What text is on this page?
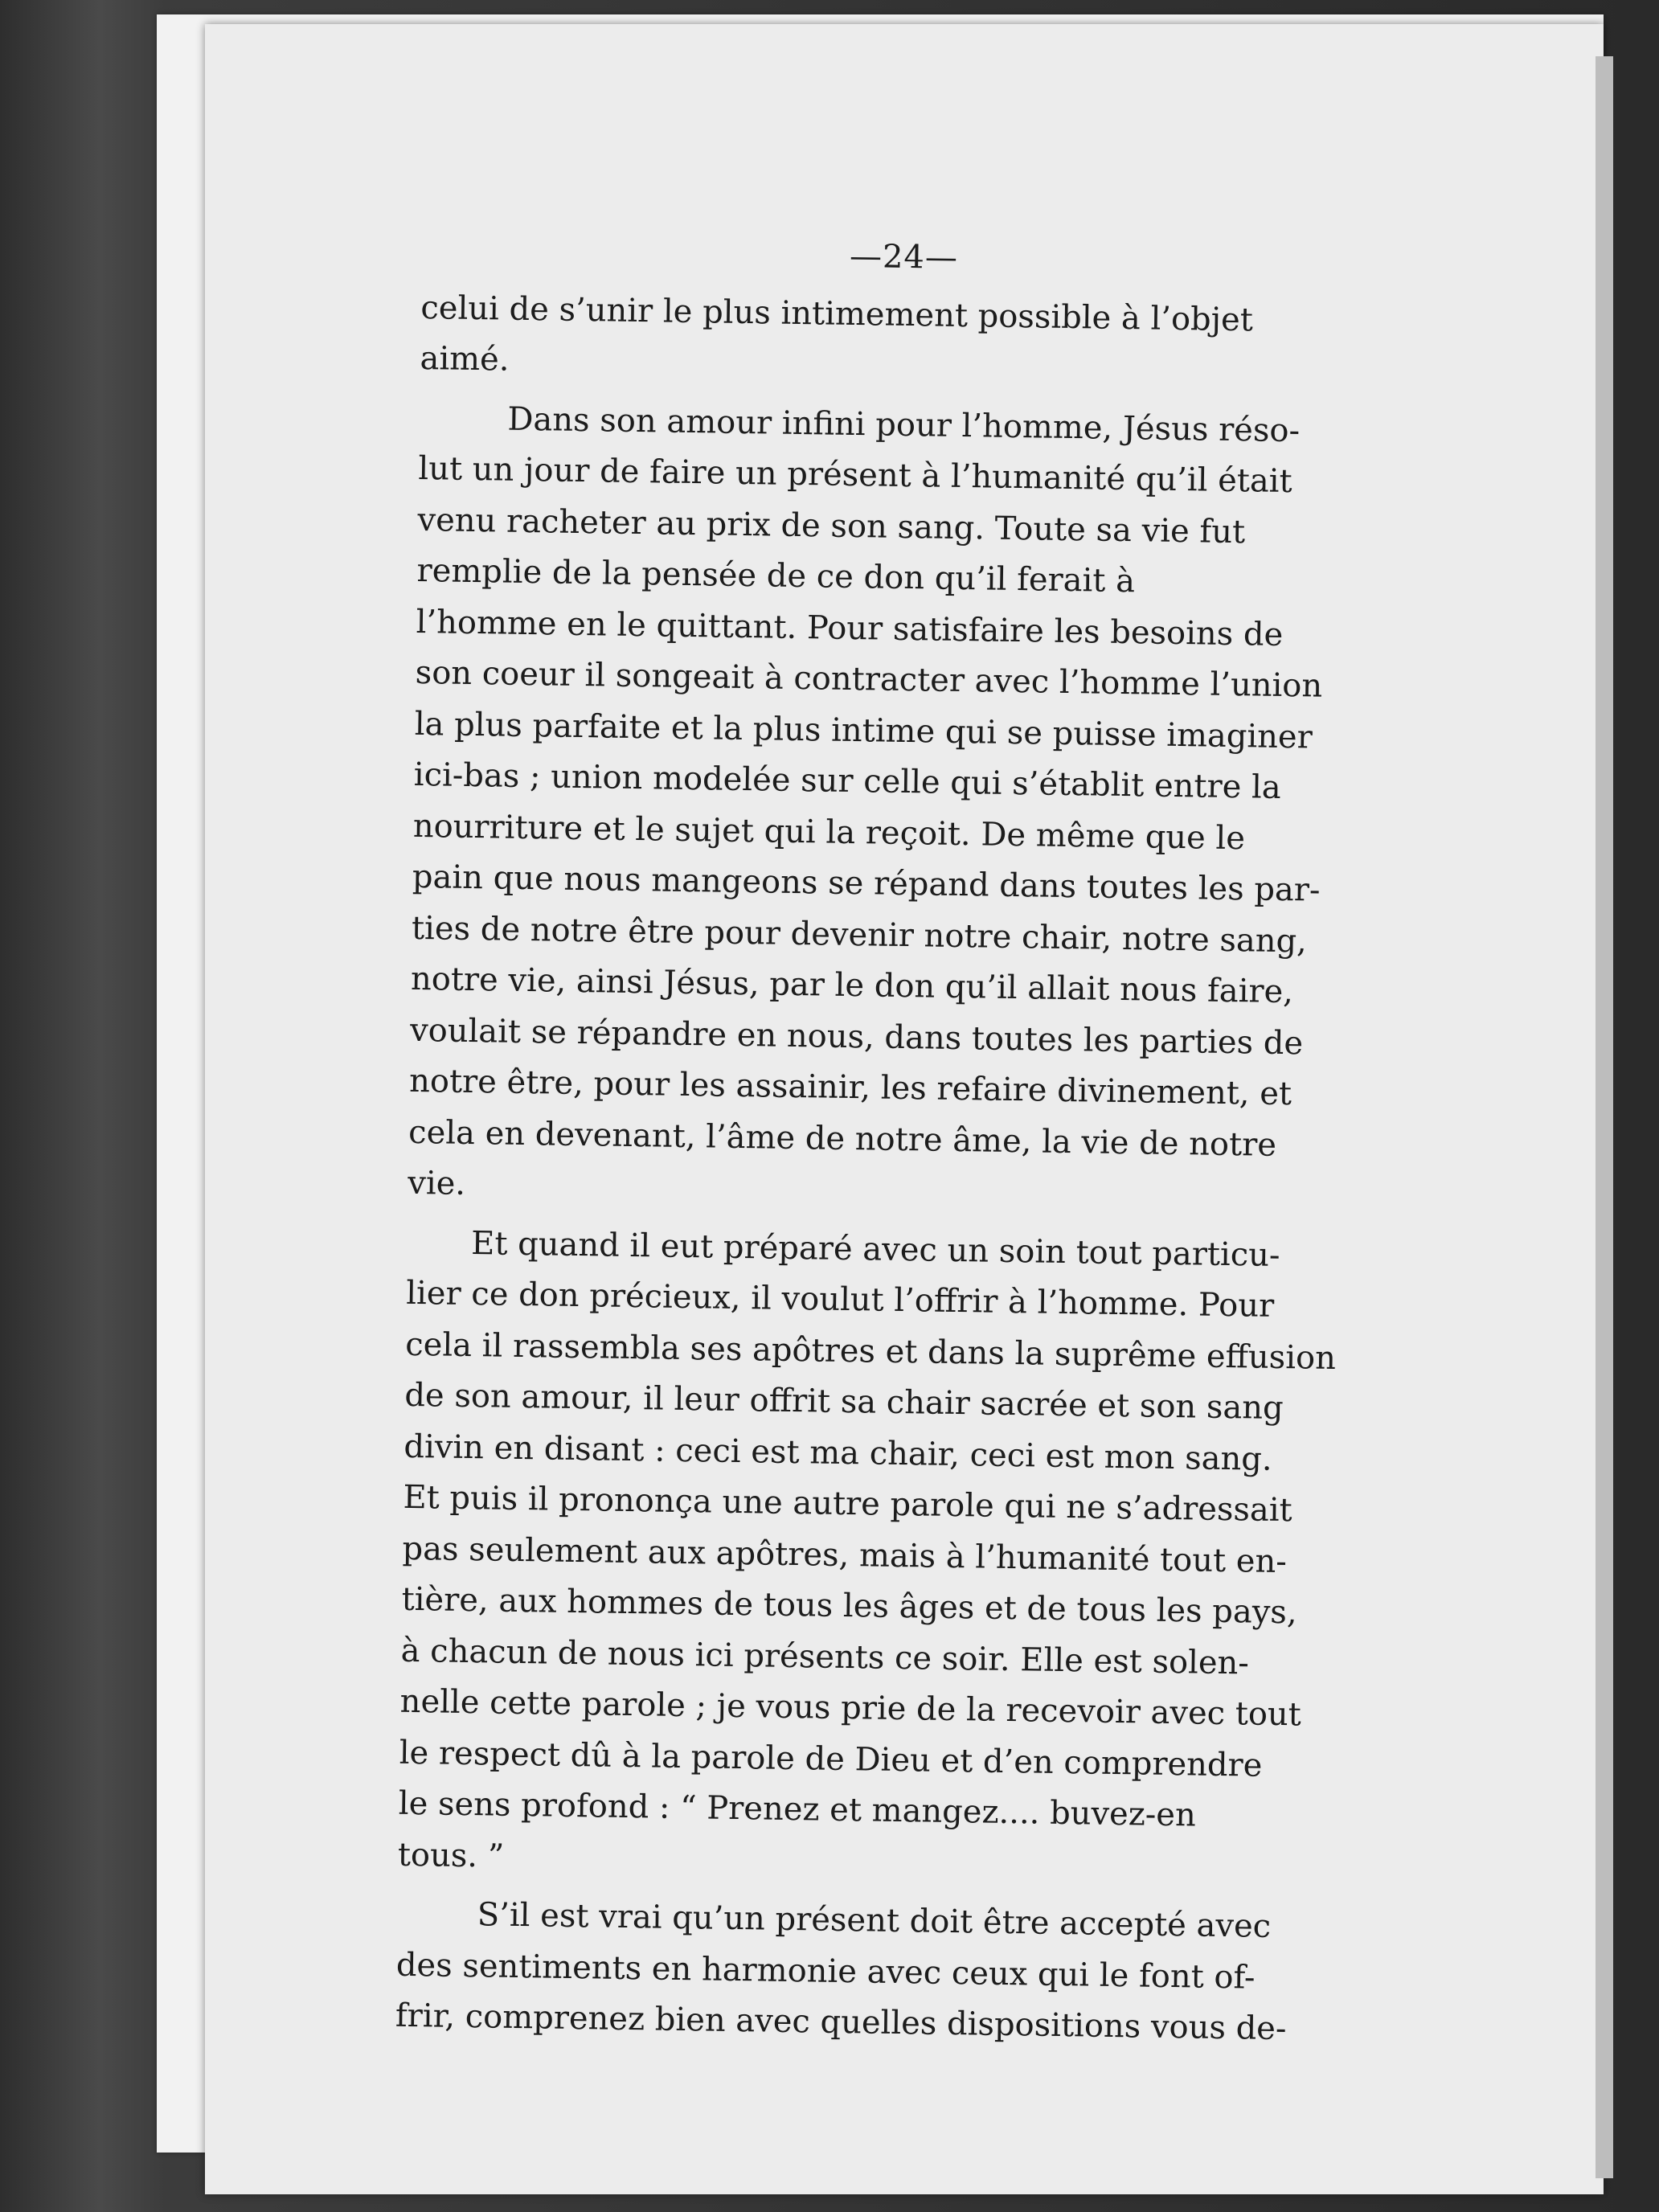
—24—
celui de s’unir le plus intimement possible à l’objet
aimé.
Dans son amour infini pour l’homme, Jésus réso-
lut un jour de faire un présent à l’humanité qu’il était
venu racheter au prix de son sang. Toute sa vie fut
remplie de la pensée de ce don qu’il ferait à
l’homme en le quittant. Pour satisfaire les besoins de
son coeur il songeait à contracter avec l’homme l’union
la plus parfaite et la plus intime qui se puisse imaginer
ici-bas ; union modelée sur celle qui s’établit entre la
nourriture et le sujet qui la reçoit. De même que le
pain que nous mangeons se répand dans toutes les par-
ties de notre être pour devenir notre chair, notre sang,
notre vie, ainsi Jésus, par le don qu’il allait nous faire,
voulait se répandre en nous, dans toutes les parties de
notre être, pour les assainir, les refaire divinement, et
cela en devenant, l’âme de notre âme, la vie de notre
vie.
Et quand il eut préparé avec un soin tout particu-
lier ce don précieux, il voulut l’offrir à l’homme. Pour
cela il rassembla ses apôtres et dans la suprême effusion
de son amour, il leur offrit sa chair sacrée et son sang
divin en disant : ceci est ma chair, ceci est mon sang.
Et puis il prononça une autre parole qui ne s’adressait
pas seulement aux apôtres, mais à l’humanité tout en-
tière, aux hommes de tous les âges et de tous les pays,
à chacun de nous ici présents ce soir. Elle est solen-
nelle cette parole ; je vous prie de la recevoir avec tout
le respect dû à la parole de Dieu et d’en comprendre
le sens profond : “ Prenez et mangez.... buvez-en
tous. ”
S’il est vrai qu’un présent doit être accepté avec
des sentiments en harmonie avec ceux qui le font of-
frir, comprenez bien avec quelles dispositions vous de-
